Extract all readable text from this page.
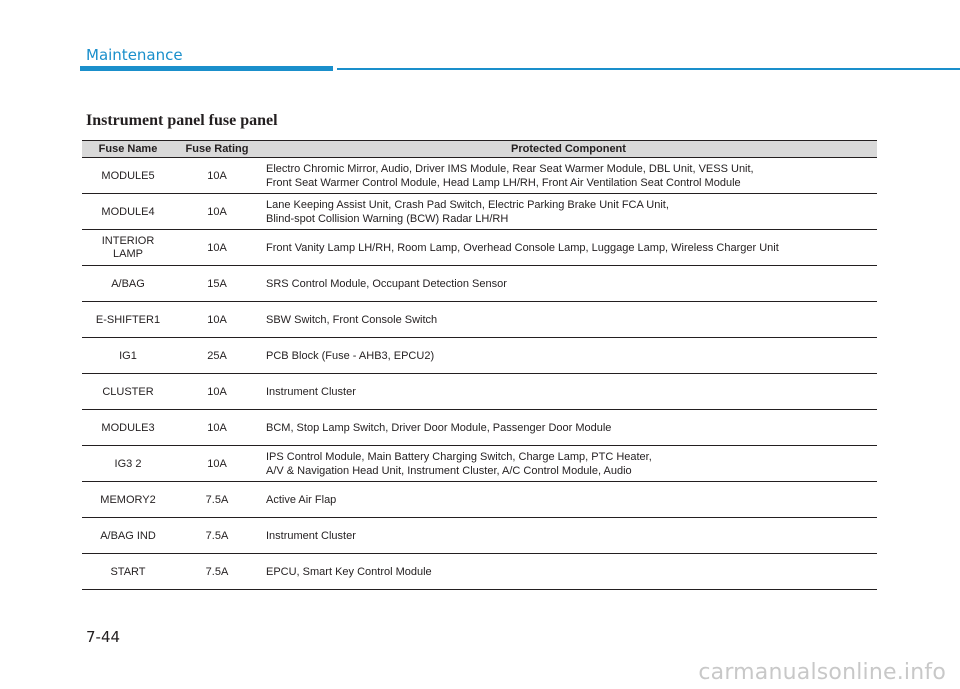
Maintenance
Instrument panel fuse panel
Fuse Name	Fuse Rating	Protected Component
MODULE5	10A	Electro Chromic Mirror, Audio, Driver IMS Module, Rear Seat Warmer Module, DBL Unit, VESS Unit,
Front Seat Warmer Control Module, Head Lamp LH/RH, Front Air Ventilation Seat Control Module

MODULE4	10A	Lane Keeping Assist Unit, Crash Pad Switch, Electric Parking Brake Unit FCA Unit,
Blind-spot Collision Warning (BCW) Radar LH/RH

INTERIOR LAMP	10A	Front Vanity Lamp LH/RH, Room Lamp, Overhead Console Lamp, Luggage Lamp, Wireless Charger Unit

A/BAG	15A	SRS Control Module, Occupant Detection Sensor

E-SHIFTER1	10A	SBW Switch, Front Console Switch

IG1	25A	PCB Block (Fuse - AHB3, EPCU2)

CLUSTER	10A	Instrument Cluster

MODULE3	10A	BCM, Stop Lamp Switch, Driver Door Module, Passenger Door Module

IG3 2	10A	IPS Control Module, Main Battery Charging Switch, Charge Lamp, PTC Heater,
A/V & Navigation Head Unit, Instrument Cluster, A/C Control Module, Audio

MEMORY2	7.5A	Active Air Flap

A/BAG IND	7.5A	Instrument Cluster

START	7.5A	EPCU, Smart Key Control Module
7-44
carmanualsonline.info
